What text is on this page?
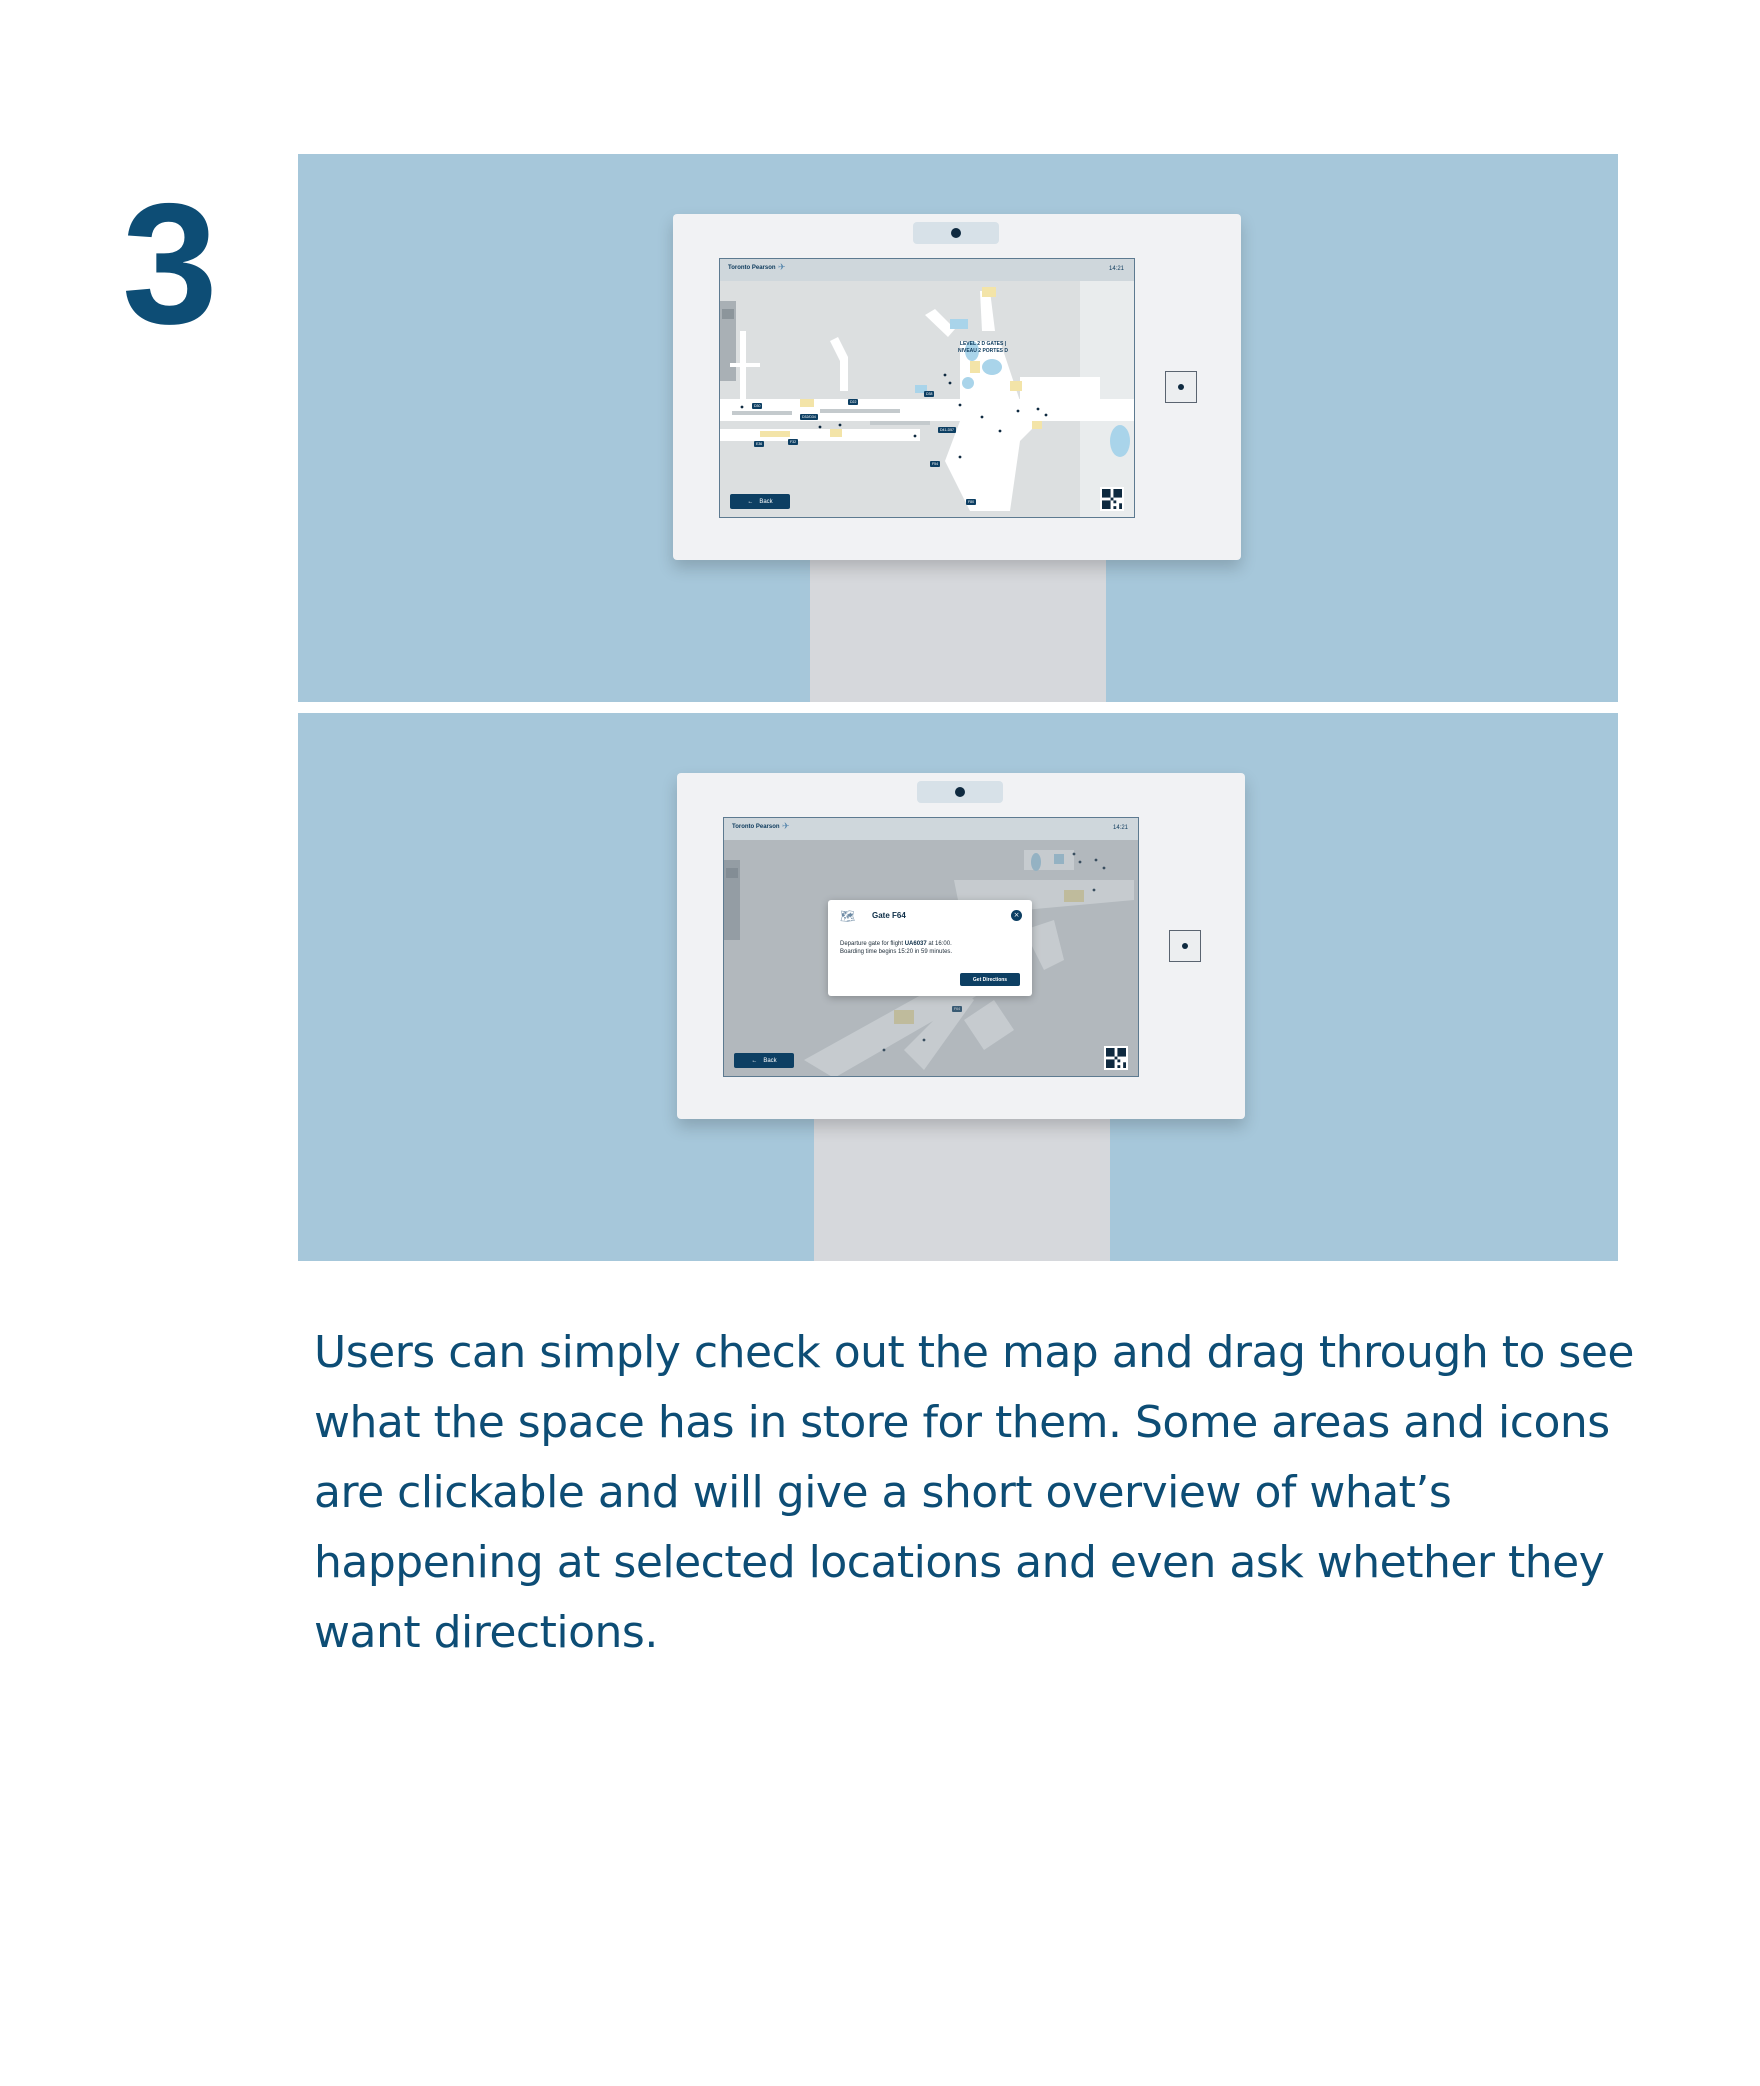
3	Toronto Pearson ✈	14:21
LEVEL 2 D GATES |
NIVEAU 2 PORTES D
D30
D22
D32/D34
D38
D41-D57
F32
F54
F80
E36
← Back
Toronto Pearson ✈	14:21
F64
🗺 Gate F64	×
Departure gate for flight UA6037 at 16:00.
Boarding time begins 15:20 in 59 minutes.
Get Directions
← Back

Users can simply check out the map and drag through to see what the space has in store for them. Some areas and icons are clickable and will give a short overview of what’s happening at selected locations and even ask whether they want directions.
